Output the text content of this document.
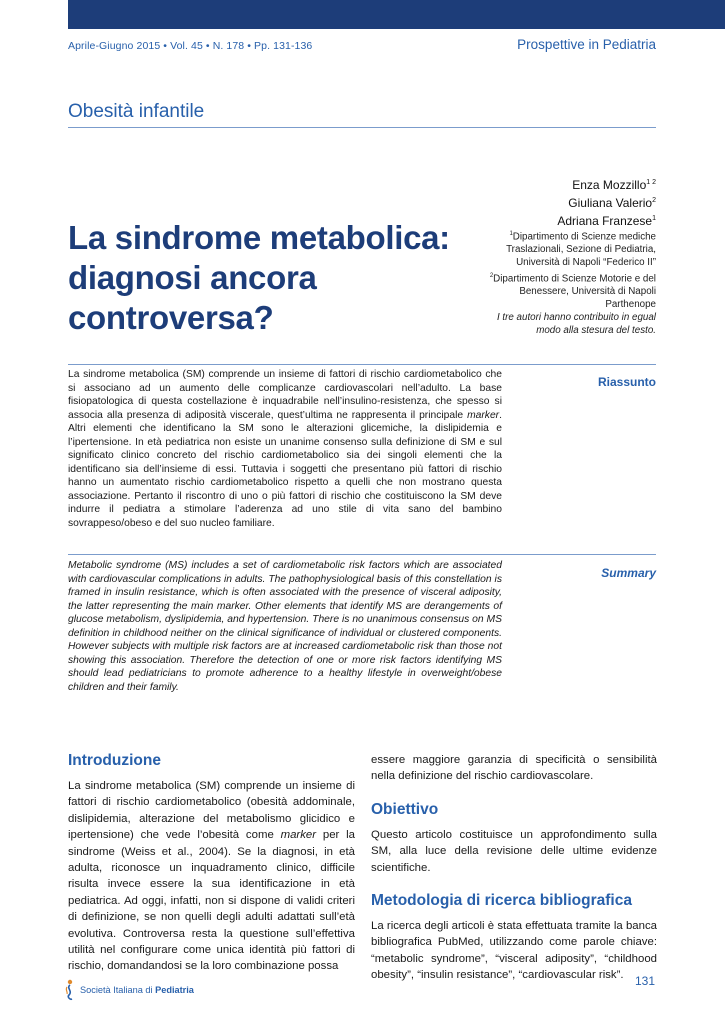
Aprile-Giugno 2015 • Vol. 45 • N. 178 • Pp. 131-136	Prospettive in Pediatria
Obesità infantile
Enza Mozzillo$^{1 2}$
Giuliana Valerio$^2$
Adriana Franzese$^1$
$^1$Dipartimento di Scienze mediche Traslazionali, Sezione di Pediatria, Università di Napoli “Federico II”
$^2$Dipartimento di Scienze Motorie e del Benessere, Università di Napoli Parthenope
I tre autori hanno contribuito in egual modo alla stesura del testo.
La sindrome metabolica: diagnosi ancora controversa?
La sindrome metabolica (SM) comprende un insieme di fattori di rischio cardiometabolico che si associano ad un aumento delle complicanze cardiovascolari nell’adulto. La base fisiopatologica di questa costellazione è inquadrabile nell’insulino-resistenza, che spesso si associa alla presenza di adiposità viscerale, quest’ultima ne rappresenta il principale marker. Altri elementi che identificano la SM sono le alterazioni glicemiche, la dislipidemia e l’ipertensione. In età pediatrica non esiste un unanime consenso sulla definizione di SM e sul significato clinico concreto del rischio cardiometabolico sia dei singoli elementi che la identificano sia dell’insieme di essi. Tuttavia i soggetti che presentano più fattori di rischio hanno un aumentato rischio cardiometabolico rispetto a quelli che non mostrano questa associazione. Pertanto il riscontro di uno o più fattori di rischio che costituiscono la SM deve indurre il pediatra a stimolare l’aderenza ad uno stile di vita sano del bambino sovrappeso/obeso e del suo nucleo familiare.
Riassunto
Metabolic syndrome (MS) includes a set of cardiometabolic risk factors which are associated with cardiovascular complications in adults. The pathophysiological basis of this constellation is framed in insulin resistance, which is often associated with the presence of visceral adiposity, the latter representing the main marker. Other elements that identify MS are derangements of glucose metabolism, dyslipidemia, and hypertension. There is no unanimous consensus on MS definition in childhood neither on the clinical significance of individual or clustered components. However subjects with multiple risk factors are at increased cardiometabolic risk than those not showing this association. Therefore the detection of one or more risk factors identifying MS should lead pediatricians to promote adherence to a healthy lifestyle in overweight/obese children and their family.
Summary
Introduzione

La sindrome metabolica (SM) comprende un insieme di fattori di rischio cardiometabolico (obesità addominale, dislipidemia, alterazione del metabolismo glicidico e ipertensione) che vede l’obesità come marker per la sindrome (Weiss et al., 2004). Se la diagnosi, in età adulta, riconosce un inquadramento clinico, difficile risulta invece essere la sua identificazione in età pediatrica. Ad oggi, infatti, non si dispone di validi criteri di definizione, se non quelli degli adulti adattati sull’età evolutiva. Controversa resta la questione sull’effettiva utilità nel configurare come unica identità più fattori di rischio, domandandosi se la loro combinazione possa

essere maggiore garanzia di specificità o sensibilità nella definizione del rischio cardiovascolare.

Obiettivo

Questo articolo costituisce un approfondimento sulla SM, alla luce della revisione delle ultime evidenze scientifiche.

Metodologia di ricerca bibliografica

La ricerca degli articoli è stata effettuata tramite la banca bibliografica PubMed, utilizzando come parole chiave: “metabolic syndrome”, “visceral adiposity”, “childhood obesity”, “insulin resistance”, “cardiovascular risk”.

Società Italiana di Pediatria
131
